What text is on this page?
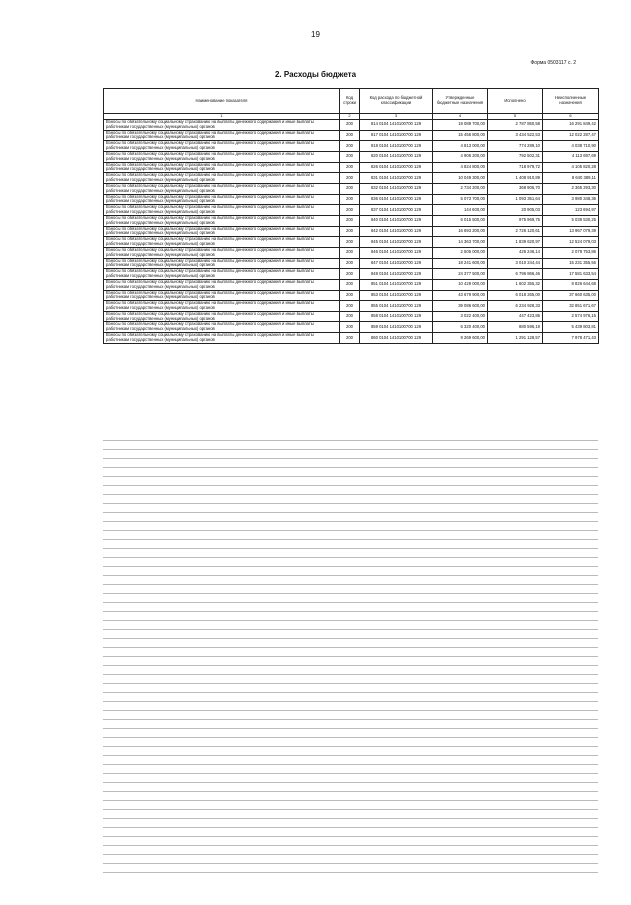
19
Форма 0503117 с. 2
2. Расходы бюджета
Наименование показателя	Код строки	Код расхода по бюджетной классификации	Утвержденные бюджетные назначения	Исполнено	Неисполненные назначения
1	2	3	4	5	6
Взносы по обязательному социальному страхованию на выплаты денежного содержания и иные выплаты работникам государственных (муниципальных) органов	200	814 0104 1410100700 129	19 089 700,00	2 787 850,58	16 291 849,42
Взносы по обязательному социальному страхованию на выплаты денежного содержания и иные выплаты работникам государственных (муниципальных) органов	200	817 0104 1410100700 129	15 456 800,00	3 434 522,53	12 022 287,47
Взносы по обязательному социальному страхованию на выплаты денежного содержания и иные выплаты работникам государственных (муниципальных) органов	200	818 0104 1410100700 129	4 813 000,00	774 289,10	4 038 710,90
Взносы по обязательному социальному страхованию на выплаты денежного содержания и иные выплаты работникам государственных (муниципальных) органов	200	820 0104 1410100700 129	4 906 200,00	792 502,31	4 113 697,69
Взносы по обязательному социальному страхованию на выплаты денежного содержания и иные выплаты работникам государственных (муниципальных) органов	200	826 0104 1410100700 129	4 824 800,00	718 979,72	4 105 820,28
Взносы по обязательному социальному страхованию на выплаты денежного содержания и иные выплаты работникам государственных (муниципальных) органов	200	831 0104 1410100700 129	10 049 300,00	1 408 910,89	8 640 389,11
Взносы по обязательному социальному страхованию на выплаты денежного содержания и иные выплаты работникам государственных (муниципальных) органов	200	832 0104 1410100700 129	2 734 200,00	368 906,70	2 365 293,30
Взносы по обязательному социальному страхованию на выплаты денежного содержания и иные выплаты работникам государственных (муниципальных) органов	200	836 0104 1410100700 129	5 073 700,00	1 093 351,64	3 980 348,36
Взносы по обязательному социальному страхованию на выплаты денежного содержания и иные выплаты работникам государственных (муниципальных) органов	200	837 0104 1410100700 129	144 600,00	20 905,03	123 694,97
Взносы по обязательному социальному страхованию на выплаты денежного содержания и иные выплаты работникам государственных (муниципальных) органов	200	840 0104 1410100700 129	6 015 500,00	975 969,75	5 039 530,25
Взносы по обязательному социальному страхованию на выплаты денежного содержания и иные выплаты работникам государственных (муниципальных) органов	200	842 0104 1410100700 129	16 693 200,00	2 726 120,61	13 967 079,39
Взносы по обязательному социальному страхованию на выплаты денежного содержания и иные выплаты работникам государственных (муниципальных) органов	200	845 0104 1410100700 129	14 363 700,00	1 839 620,97	12 524 079,03
Взносы по обязательному социальному страхованию на выплаты денежного содержания и иные выплаты работникам государственных (муниципальных) органов	200	846 0104 1410100700 129	2 505 000,00	426 246,14	2 078 753,86
Взносы по обязательному социальному страхованию на выплаты денежного содержания и иные выплаты работникам государственных (муниципальных) органов	200	847 0104 1410100700 129	18 241 600,00	3 010 244,44	15 231 355,56
Взносы по обязательному социальному страхованию на выплаты денежного содержания и иные выплаты работникам государственных (муниципальных) органов	200	848 0104 1410100700 129	24 377 500,00	6 796 866,46	17 581 633,54
Взносы по обязательному социальному страхованию на выплаты денежного содержания и иные выплаты работникам государственных (муниципальных) органов	200	851 0104 1410100700 129	10 429 000,00	1 602 355,32	8 826 644,68
Взносы по обязательному социальному страхованию на выплаты денежного содержания и иные выплаты работникам государственных (муниципальных) органов	200	853 0104 1410100700 129	43 679 900,00	6 018 265,00	37 660 635,00
Взносы по обязательному социальному страхованию на выплаты денежного содержания и иные выплаты работникам государственных (муниципальных) органов	200	855 0104 1410100700 129	39 086 600,00	6 234 928,33	32 851 671,67
Взносы по обязательному социальному страхованию на выплаты денежного содержания и иные выплаты работникам государственных (муниципальных) органов	200	858 0104 1410100700 129	3 022 400,00	447 423,85	2 574 976,15
Взносы по обязательному социальному страхованию на выплаты денежного содержания и иные выплаты работникам государственных (муниципальных) органов	200	859 0104 1410100700 129	6 320 400,00	880 596,19	5 439 803,81
Взносы по обязательному социальному страхованию на выплаты денежного содержания и иные выплаты работникам государственных (муниципальных) органов	200	860 0104 1410100700 129	9 269 600,00	1 291 128,57	7 978 471,43
